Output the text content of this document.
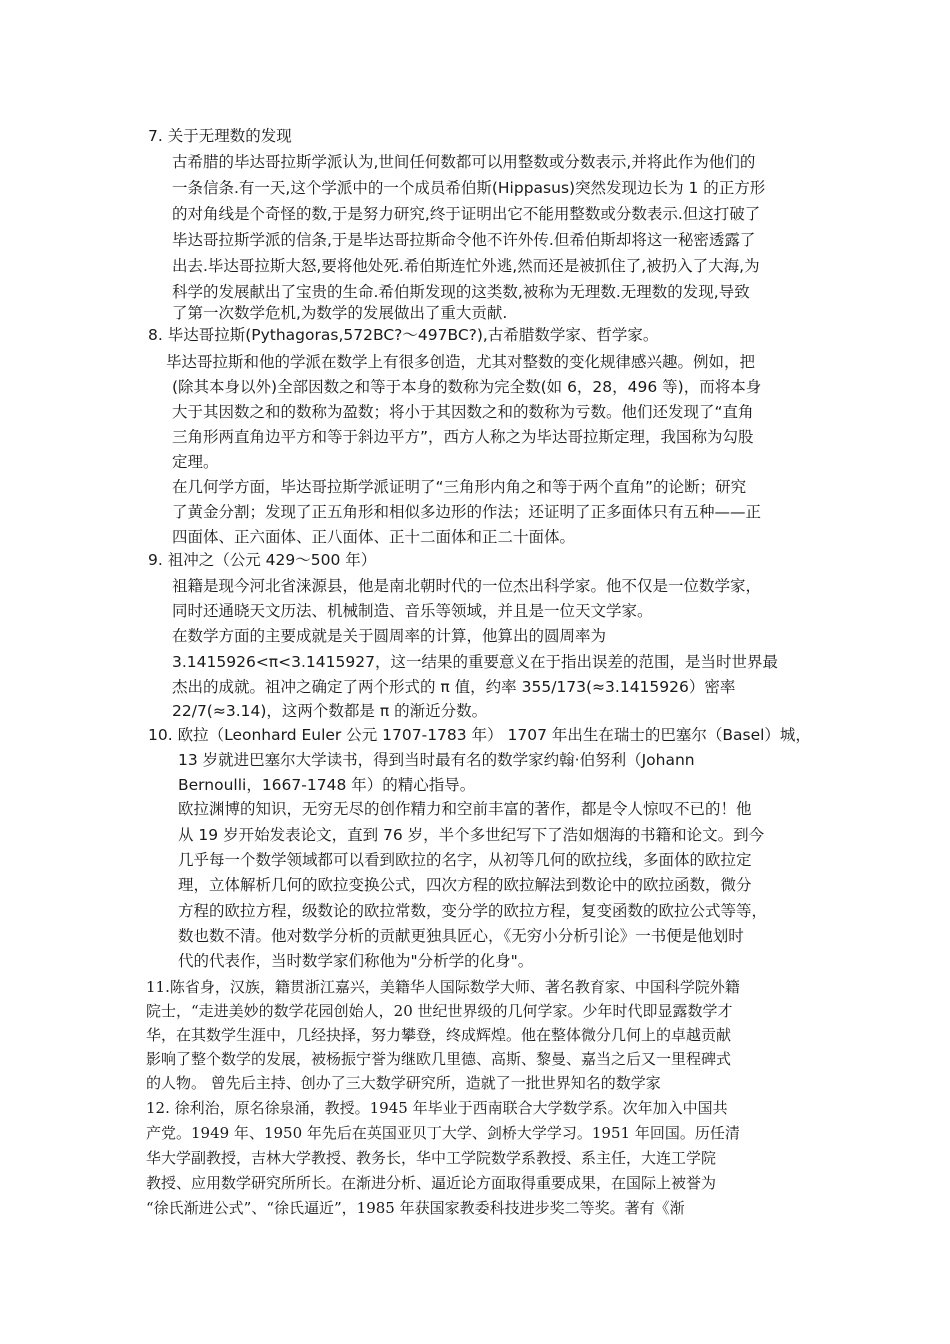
7. 关于无理数的发现
古希腊的毕达哥拉斯学派认为,世间任何数都可以用整数或分数表示,并将此作为他们的
一条信条.有一天,这个学派中的一个成员希伯斯(Hippasus)突然发现边长为 1 的正方形
的对角线是个奇怪的数,于是努力研究,终于证明出它不能用整数或分数表示.但这打破了
毕达哥拉斯学派的信条,于是毕达哥拉斯命令他不许外传.但希伯斯却将这一秘密透露了
出去.毕达哥拉斯大怒,要将他处死.希伯斯连忙外逃,然而还是被抓住了,被扔入了大海,为
科学的发展献出了宝贵的生命.希伯斯发现的这类数,被称为无理数.无理数的发现,导致
了第一次数学危机,为数学的发展做出了重大贡献.
8. 毕达哥拉斯(Pythagoras,572BC?～497BC?),古希腊数学家、哲学家。
毕达哥拉斯和他的学派在数学上有很多创造，尤其对整数的变化规律感兴趣。例如，把
(除其本身以外)全部因数之和等于本身的数称为完全数(如 6，28，496 等)，而将本身
大于其因数之和的数称为盈数；将小于其因数之和的数称为亏数。他们还发现了“直角
三角形两直角边平方和等于斜边平方”，西方人称之为毕达哥拉斯定理，我国称为勾股
定理。
在几何学方面，毕达哥拉斯学派证明了“三角形内角之和等于两个直角”的论断；研究
了黄金分割；发现了正五角形和相似多边形的作法；还证明了正多面体只有五种——正
四面体、正六面体、正八面体、正十二面体和正二十面体。
9. 祖冲之（公元 429～500 年）
祖籍是现今河北省涞源县，他是南北朝时代的一位杰出科学家。他不仅是一位数学家，
同时还通晓天文历法、机械制造、音乐等领域，并且是一位天文学家。
在数学方面的主要成就是关于圆周率的计算，他算出的圆周率为
3.1415926<π<3.1415927，这一结果的重要意义在于指出误差的范围，是当时世界最
杰出的成就。祖冲之确定了两个形式的 π 值，约率 355/173(≈3.1415926）密率
22/7(≈3.14)，这两个数都是 π 的渐近分数。
10. 欧拉（Leonhard Euler 公元 1707-1783 年） 1707 年出生在瑞士的巴塞尔（Basel）城，
13 岁就进巴塞尔大学读书，得到当时最有名的数学家约翰·伯努利（Johann
Bernoulli，1667-1748 年）的精心指导。
欧拉渊博的知识，无穷无尽的创作精力和空前丰富的著作，都是令人惊叹不已的！他
从 19 岁开始发表论文，直到 76 岁，半个多世纪写下了浩如烟海的书籍和论文。到今
几乎每一个数学领域都可以看到欧拉的名字，从初等几何的欧拉线，多面体的欧拉定
理，立体解析几何的欧拉变换公式，四次方程的欧拉解法到数论中的欧拉函数，微分
方程的欧拉方程，级数论的欧拉常数，变分学的欧拉方程，复变函数的欧拉公式等等，
数也数不清。他对数学分析的贡献更独具匠心，《无穷小分析引论》一书便是他划时
代的代表作，当时数学家们称他为"分析学的化身"。
11.陈省身，汉族，籍贯浙江嘉兴，美籍华人国际数学大师、著名教育家、中国科学院外籍
院士，“走进美妙的数学花园创始人，20 世纪世界级的几何学家。少年时代即显露数学才
华，在其数学生涯中，几经抉择，努力攀登，终成辉煌。他在整体微分几何上的卓越贡献
影响了整个数学的发展，被杨振宁誉为继欧几里德、高斯、黎曼、嘉当之后又一里程碑式
的人物。 曾先后主持、创办了三大数学研究所，造就了一批世界知名的数学家
12. 徐利治，原名徐泉涌，教授。1945 年毕业于西南联合大学数学系。次年加入中国共
产党。1949 年、1950 年先后在英国亚贝丁大学、剑桥大学学习。1951 年回国。历任清
华大学副教授，吉林大学教授、教务长，华中工学院数学系教授、系主任，大连工学院
教授、应用数学研究所所长。在渐进分析、逼近论方面取得重要成果，在国际上被誉为
“徐氏渐进公式”、“徐氏逼近”，1985 年获国家教委科技进步奖二等奖。著有《渐
